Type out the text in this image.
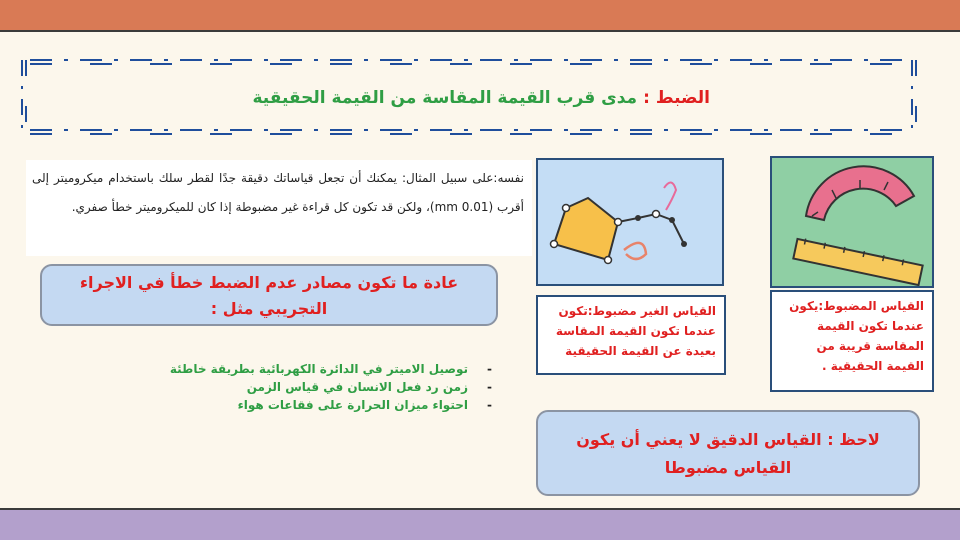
الضبط:مدى قرب القيمة المقاسة من القيمة الحقيقية
نفسه:على سبيل المثال: يمكنك أن تجعل قياساتك دقيقة جدًا لقطر سلك باستخدام ميكرومیتر إلى أقرب (0.01 mm)، ولكن قد تكون كل قراءة غير مضبوطة إذا كان للميكرومیتر خطأ صفري.
عادة ما تكون مصادر عدم الضبط خطأ في الاجراء التجريبي مثل :
- توصيل الاميتر في الدائرة الكهربائية بطريقة خاطئة
- زمن رد فعل الانسان في قياس الزمن
- احتواء ميزان الحرارة على فقاعات هواء
القياس الغير مضبوط:تكون عندما تكون القيمة المقاسة بعيدة عن القيمة الحقيقية
القياس المضبوط:يكون عندما تكون القيمة المقاسة قريبة من القيمة الحقيقية .
لاحظ : القياس الدقيق لا يعني أن يكون القياس مضبوطا
